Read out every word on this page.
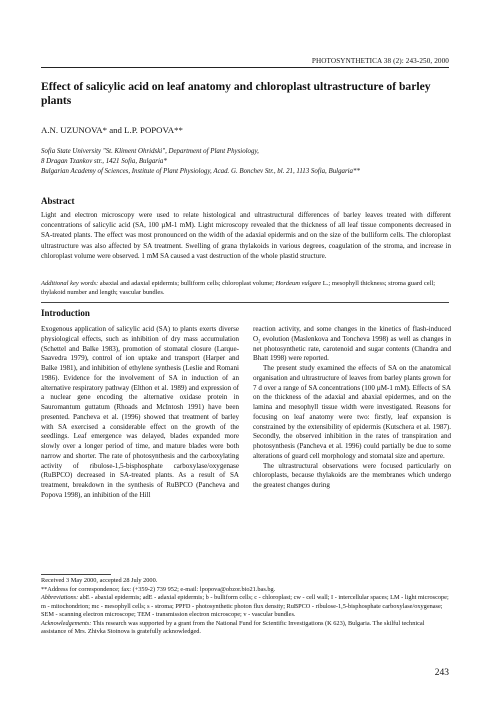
PHOTOSYNTHETICA 38 (2): 243-250, 2000
Effect of salicylic acid on leaf anatomy and chloroplast ultrastructure of barley plants
A.N. UZUNOVA* and L.P. POPOVA**
Sofia State University "St. Kliment Ohridski", Department of Plant Physiology,
8 Dragan Tzankov str., 1421 Sofia, Bulgaria*
Bulgarian Academy of Sciences, Institute of Plant Physiology, Acad. G. Bonchev Str., bl. 21, 1113 Sofia, Bulgaria**
Abstract
Light and electron microscopy were used to relate histological and ultrastructural differences of barley leaves treated with different concentrations of salicylic acid (SA, 100 µM-1 mM). Light microscopy revealed that the thickness of all leaf tissue components decreased in SA-treated plants. The effect was most pronounced on the width of the adaxial epidermis and on the size of the bulliform cells. The chloroplast ultrastructure was also affected by SA treatment. Swelling of grana thylakoids in various degrees, coagulation of the stroma, and increase in chloroplast volume were observed. 1 mM SA caused a vast destruction of the whole plastid structure.
Additional key words: abaxial and adaxial epidermis; bulliform cells; chloroplast volume; Hordeum vulgare L.; mesophyll thickness; stroma guard cell; thylakoid number and length; vascular bundles.
Introduction

Exogenous application of salicylic acid (SA) to plants exerts diverse physiological effects, such as inhibition of dry mass accumulation (Schettel and Balke 1983), promotion of stomatal closure (Larque-Saavedra 1979), control of ion uptake and transport (Harper and Balke 1981), and inhibition of ethylene synthesis (Leslie and Romani 1986). Evidence for the involvement of SA in induction of an alternative respiratory pathway (Elthon et al. 1989) and expression of a nuclear gene encoding the alternative oxidase protein in Sauromantum guttatum (Rhoads and McIntosh 1991) have been presented. Pancheva et al. (1996) showed that treatment of barley with SA exercised a considerable effect on the growth of the seedlings. Leaf emergence was delayed, blades expanded more slowly over a longer period of time, and mature blades were both narrow and shorter. The rate of photosynthesis and the carboxylating activity of ribulose-1,5-bisphosphate carboxylase/oxygenase (RuBPCO) decreased in SA-treated plants. As a result of SA treatment, breakdown in the synthesis of RuBPCO (Pancheva and Popova 1998), an inhibition of the Hill

reaction activity, and some changes in the kinetics of flash-induced O₂ evolution (Maslenkova and Toncheva 1998) as well as changes in net photosynthetic rate, carotenoid and sugar contents (Chandra and Bhatt 1998) were reported.

The present study examined the effects of SA on the anatomical organisation and ultrastructure of leaves from barley plants grown for 7 d over a range of SA concentrations (100 µM-1 mM). Effects of SA on the thickness of the adaxial and abaxial epidermes, and on the lamina and mesophyll tissue width were investigated. Reasons for focusing on leaf anatomy were two: firstly, leaf expansion is constrained by the extensibility of epidermis (Kutschera et al. 1987). Secondly, the observed inhibition in the rates of transpiration and photosynthesis (Pancheva et al. 1996) could partially be due to some alterations of guard cell morphology and stomatal size and aperture.

The ultrastructural observations were focused particularly on chloroplasts, because thylakoids are the membranes which undergo the greatest changes during

Received 3 May 2000, accepted 28 July 2000.

**Address for correspondence; fax: (+359-2) 739 952; e-mail: lpopova@obzor.bio21.bas.bg.

Abbreviations: abE - abaxial epidermis; adE - adaxial epidermis; b - bulliform cells; c - chloroplast; cw - cell wall; I - intercellular spaces; LM - light microscope; m - mitochondrion; mc - mesophyll cells; s - stroma; PPFD - photosynthetic photon flux density; RuBPCO - ribulose-1,5-bisphosphate carboxylase/oxygenase; SEM - scanning electron microscope; TEM - transmission electron microscope; v - vascular bundles.

Acknowledgements: This research was supported by a grant from the National Fund for Scientific Investigations (K 623), Bulgaria. The skilful technical assistance of Mrs. Zhivka Stoinova is gratefully acknowledged.

243
